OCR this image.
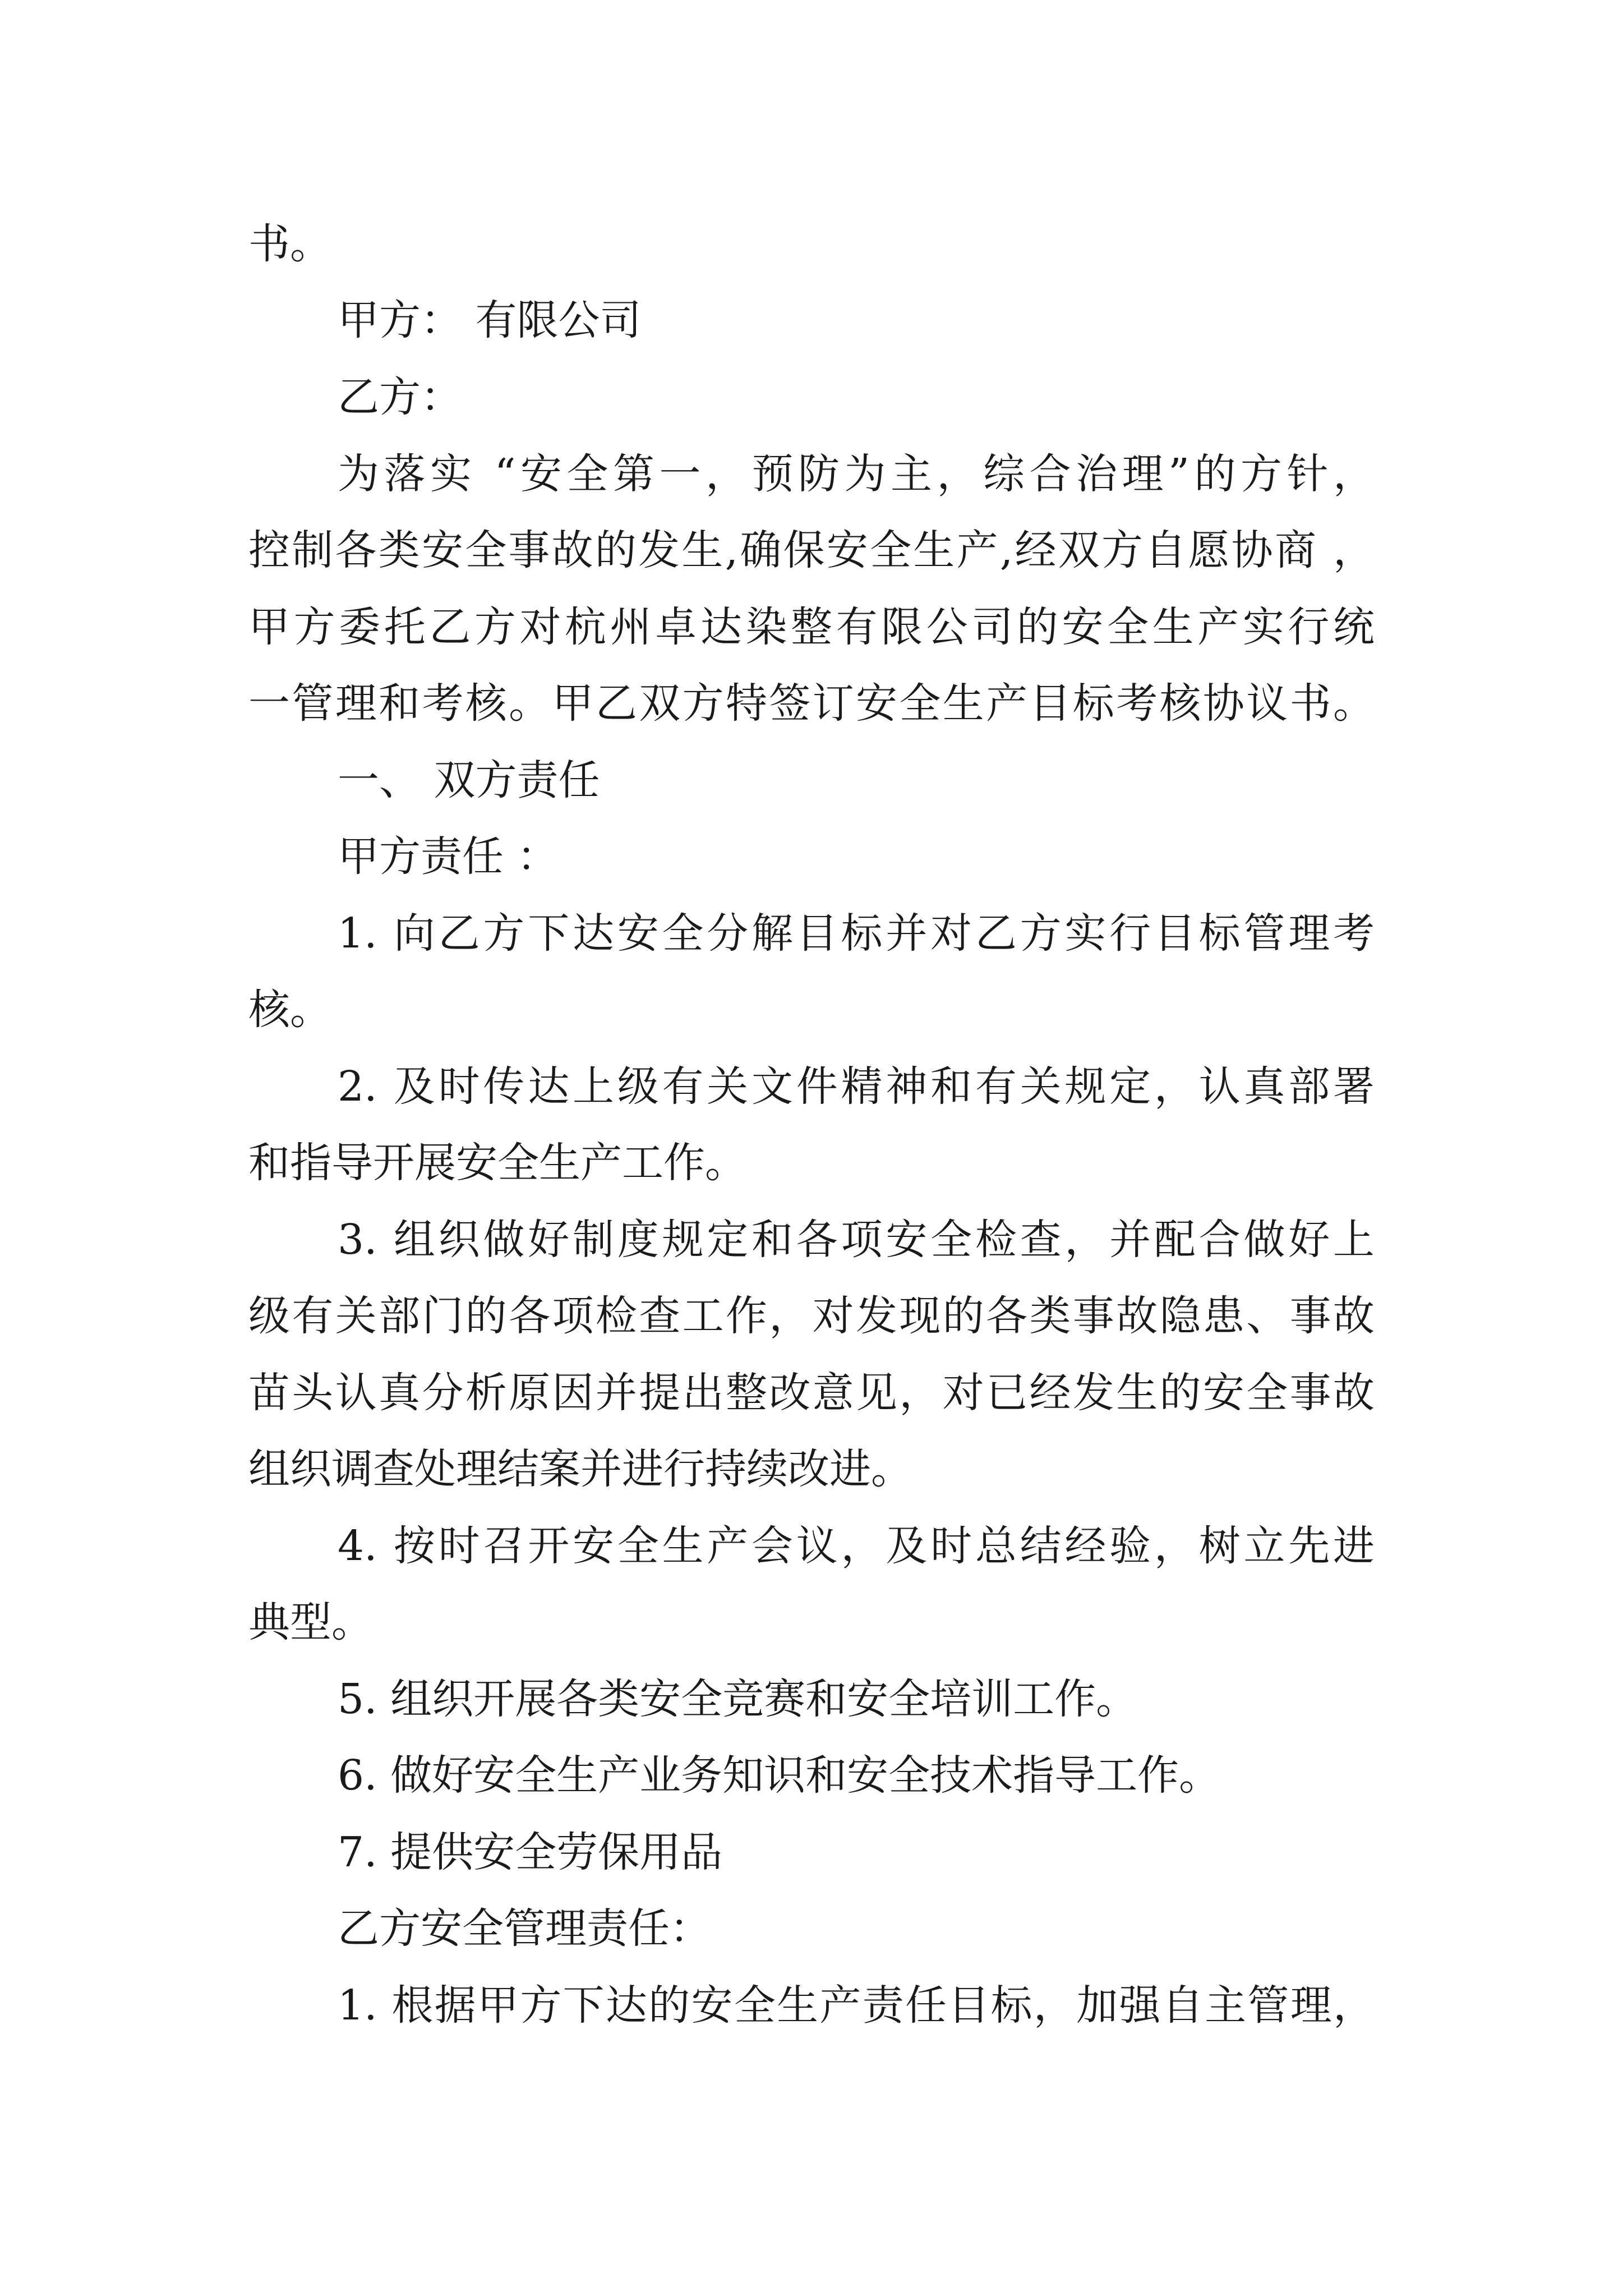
书。
甲方： 有限公司
乙方：
为落实 “安全第一，预防为主，综合治理”的方针，
控制各类安全事故的发生,确保安全生产,经双方自愿协商 ，
甲方委托乙方对杭州卓达染整有限公司的安全生产实行统
一管理和考核。甲乙双方特签订安全生产目标考核协议书。
一、 双方责任
甲方责任 ：
1. 向乙方下达安全分解目标并对乙方实行目标管理考
核。
2. 及时传达上级有关文件精神和有关规定，认真部署
和指导开展安全生产工作。
3. 组织做好制度规定和各项安全检查，并配合做好上
级有关部门的各项检查工作，对发现的各类事故隐患、事故
苗头认真分析原因并提出整改意见，对已经发生的安全事故
组织调查处理结案并进行持续改进。
4. 按时召开安全生产会议，及时总结经验，树立先进
典型。
5. 组织开展各类安全竞赛和安全培训工作。
6. 做好安全生产业务知识和安全技术指导工作。
7. 提供安全劳保用品
乙方安全管理责任：
1. 根据甲方下达的安全生产责任目标，加强自主管理，
